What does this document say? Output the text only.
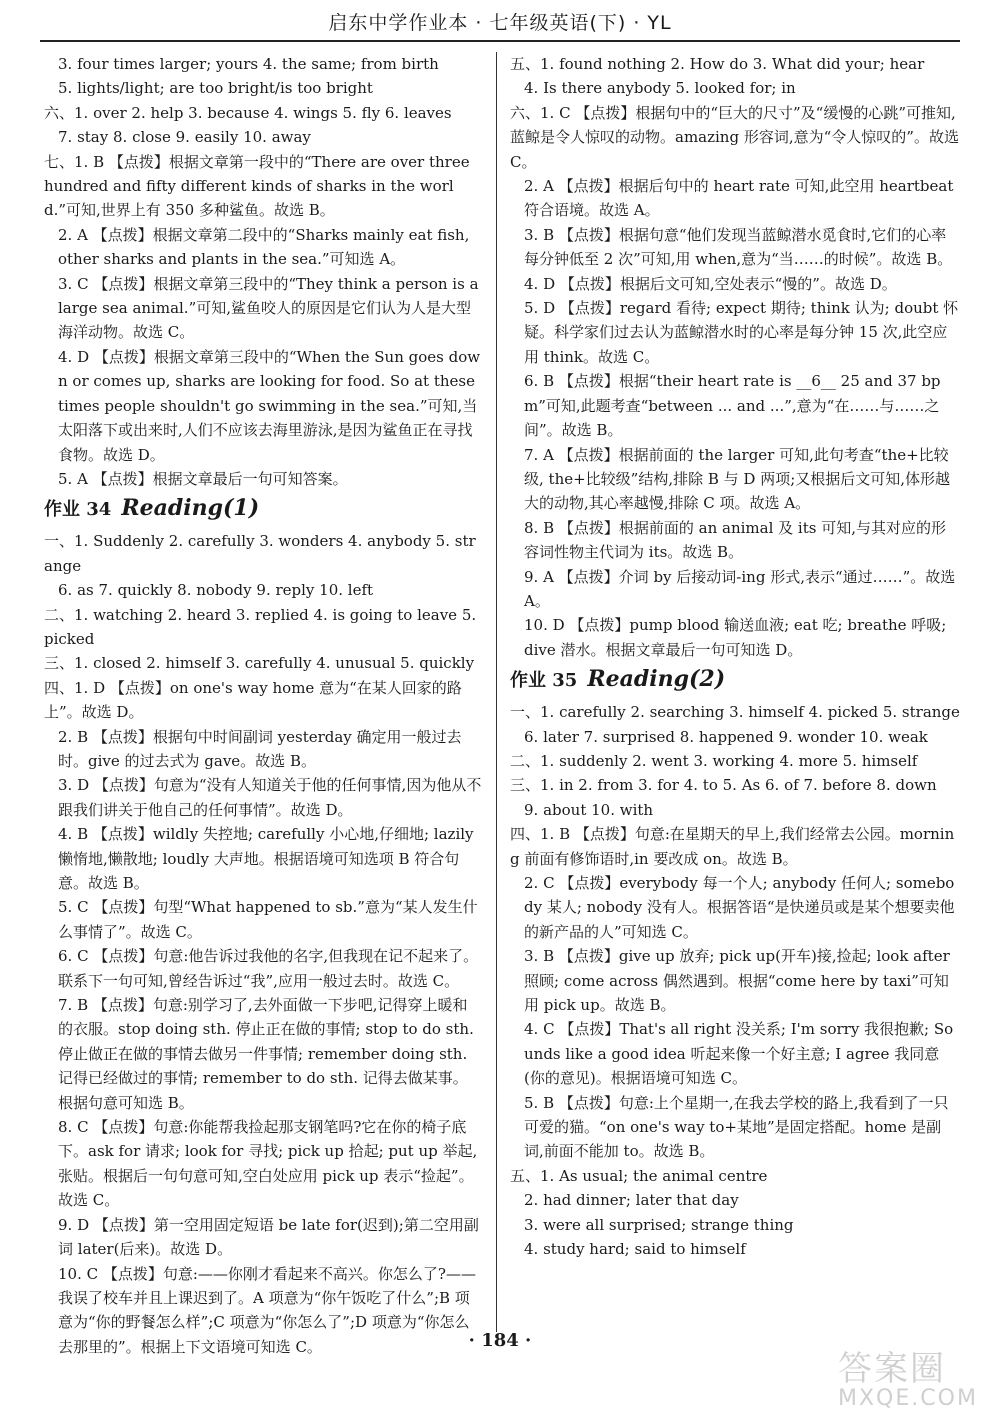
启东中学作业本 · 七年级英语(下) · YL
3. four times larger; yours 4. the same; from birth
5. lights/light; are too bright/is too bright
六、1. over 2. help 3. because 4. wings 5. fly 6. leaves
7. stay 8. close 9. easily 10. away
七、1. B 【点拨】根据文章第一段中的“There are over three hundred and fifty different kinds of sharks in the world.”可知,世界上有 350 多种鲨鱼。故选 B。
2. A 【点拨】根据文章第二段中的“Sharks mainly eat fish, other sharks and plants in the sea.”可知选 A。
3. C 【点拨】根据文章第三段中的“They think a person is a large sea animal.”可知,鲨鱼咬人的原因是它们认为人是大型海洋动物。故选 C。
4. D 【点拨】根据文章第三段中的“When the Sun goes down or comes up, sharks are looking for food. So at these times people shouldn't go swimming in the sea.”可知,当太阳落下或出来时,人们不应该去海里游泳,是因为鲨鱼正在寻找食物。故选 D。
5. A 【点拨】根据文章最后一句可知答案。
作业 34 Reading(1)
一、1. Suddenly 2. carefully 3. wonders 4. anybody 5. strange
6. as 7. quickly 8. nobody 9. reply 10. left
二、1. watching 2. heard 3. replied 4. is going to leave 5. picked
三、1. closed 2. himself 3. carefully 4. unusual 5. quickly
四、1. D 【点拨】on one's way home 意为“在某人回家的路上”。故选 D。
2. B 【点拨】根据句中时间副词 yesterday 确定用一般过去时。give 的过去式为 gave。故选 B。
3. D 【点拨】句意为“没有人知道关于他的任何事情,因为他从不跟我们讲关于他自己的任何事情”。故选 D。
4. B 【点拨】wildly 失控地; carefully 小心地,仔细地; lazily 懒惰地,懒散地; loudly 大声地。根据语境可知选项 B 符合句意。故选 B。
5. C 【点拨】句型“What happened to sb.”意为“某人发生什么事情了”。故选 C。
6. C 【点拨】句意:他告诉过我他的名字,但我现在记不起来了。联系下一句可知,曾经告诉过“我”,应用一般过去时。故选 C。
7. B 【点拨】句意:别学习了,去外面做一下步吧,记得穿上暖和的衣服。stop doing sth. 停止正在做的事情; stop to do sth. 停止做正在做的事情去做另一件事情; remember doing sth. 记得已经做过的事情; remember to do sth. 记得去做某事。根据句意可知选 B。
8. C 【点拨】句意:你能帮我捡起那支钢笔吗?它在你的椅子底下。ask for 请求; look for 寻找; pick up 拾起; put up 举起,张贴。根据后一句句意可知,空白处应用 pick up 表示“捡起”。故选 C。
9. D 【点拨】第一空用固定短语 be late for(迟到);第二空用副词 later(后来)。故选 D。
10. C 【点拨】句意:——你刚才看起来不高兴。你怎么了?——我误了校车并且上课迟到了。A 项意为“你午饭吃了什么”;B 项意为“你的野餐怎么样”;C 项意为“你怎么了”;D 项意为“你怎么去那里的”。根据上下文语境可知选 C。
五、1. found nothing 2. How do 3. What did your; hear
4. Is there anybody 5. looked for; in
六、1. C 【点拨】根据句中的“巨大的尺寸”及“缓慢的心跳”可推知,蓝鲸是令人惊叹的动物。amazing 形容词,意为“令人惊叹的”。故选 C。
2. A 【点拨】根据后句中的 heart rate 可知,此空用 heartbeat 符合语境。故选 A。
3. B 【点拨】根据句意“他们发现当蓝鲸潜水觅食时,它们的心率每分钟低至 2 次”可知,用 when,意为“当……的时候”。故选 B。
4. D 【点拨】根据后文可知,空处表示“慢的”。故选 D。
5. D 【点拨】regard 看待; expect 期待; think 认为; doubt 怀疑。科学家们过去认为蓝鲸潜水时的心率是每分钟 15 次,此空应用 think。故选 C。
6. B 【点拨】根据“their heart rate is __6__ 25 and 37 bpm”可知,此题考查“between ... and ...”,意为“在……与……之间”。故选 B。
7. A 【点拨】根据前面的 the larger 可知,此句考查“the+比较级, the+比较级”结构,排除 B 与 D 两项;又根据后文可知,体形越大的动物,其心率越慢,排除 C 项。故选 A。
8. B 【点拨】根据前面的 an animal 及 its 可知,与其对应的形容词性物主代词为 its。故选 B。
9. A 【点拨】介词 by 后接动词-ing 形式,表示“通过……”。故选 A。
10. D 【点拨】pump blood 输送血液; eat 吃; breathe 呼吸; dive 潜水。根据文章最后一句可知选 D。
作业 35 Reading(2)
一、1. carefully 2. searching 3. himself 4. picked 5. strange
6. later 7. surprised 8. happened 9. wonder 10. weak
二、1. suddenly 2. went 3. working 4. more 5. himself
三、1. in 2. from 3. for 4. to 5. As 6. of 7. before 8. down
9. about 10. with
四、1. B 【点拨】句意:在星期天的早上,我们经常去公园。morning 前面有修饰语时,in 要改成 on。故选 B。
2. C 【点拨】everybody 每一个人; anybody 任何人; somebody 某人; nobody 没有人。根据答语“是快递员或是某个想要卖他的新产品的人”可知选 C。
3. B 【点拨】give up 放弃; pick up(开车)接,捡起; look after 照顾; come across 偶然遇到。根据“come here by taxi”可知用 pick up。故选 B。
4. C 【点拨】That's all right 没关系; I'm sorry 我很抱歉; Sounds like a good idea 听起来像一个好主意; I agree 我同意(你的意见)。根据语境可知选 C。
5. B 【点拨】句意:上个星期一,在我去学校的路上,我看到了一只可爱的猫。“on one's way to+某地”是固定搭配。home 是副词,前面不能加 to。故选 B。
五、1. As usual; the animal centre
2. had dinner; later that day
3. were all surprised; strange thing
4. study hard; said to himself
· 184 ·
答案圈
MXQE.COM
